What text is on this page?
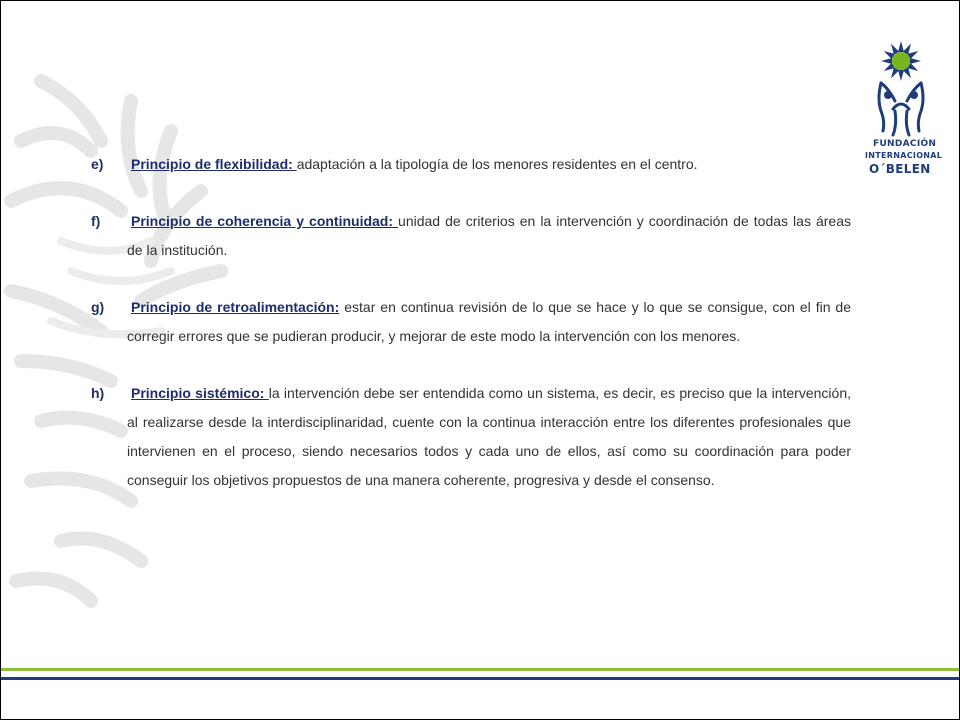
FUNDACIÓN
INTERNACIONAL
O´BELEN
e) Principio de flexibilidad: adaptación a la tipología de los menores residentes en el centro.
f) Principio de coherencia y continuidad: unidad de criterios en la intervención y coordinación de todas las áreas de la institución.
g) Principio de retroalimentación: estar en continua revisión de lo que se hace y lo que se consigue, con el fin de corregir errores que se pudieran producir, y mejorar de este modo la intervención con los menores.
h) Principio sistémico: la intervención debe ser entendida como un sistema, es decir, es preciso que la intervención, al realizarse desde la interdisciplinaridad, cuente con la continua interacción entre los diferentes profesionales que intervienen en el proceso, siendo necesarios todos y cada uno de ellos, así como su coordinación para poder conseguir los objetivos propuestos de una manera coherente, progresiva y desde el consenso.
